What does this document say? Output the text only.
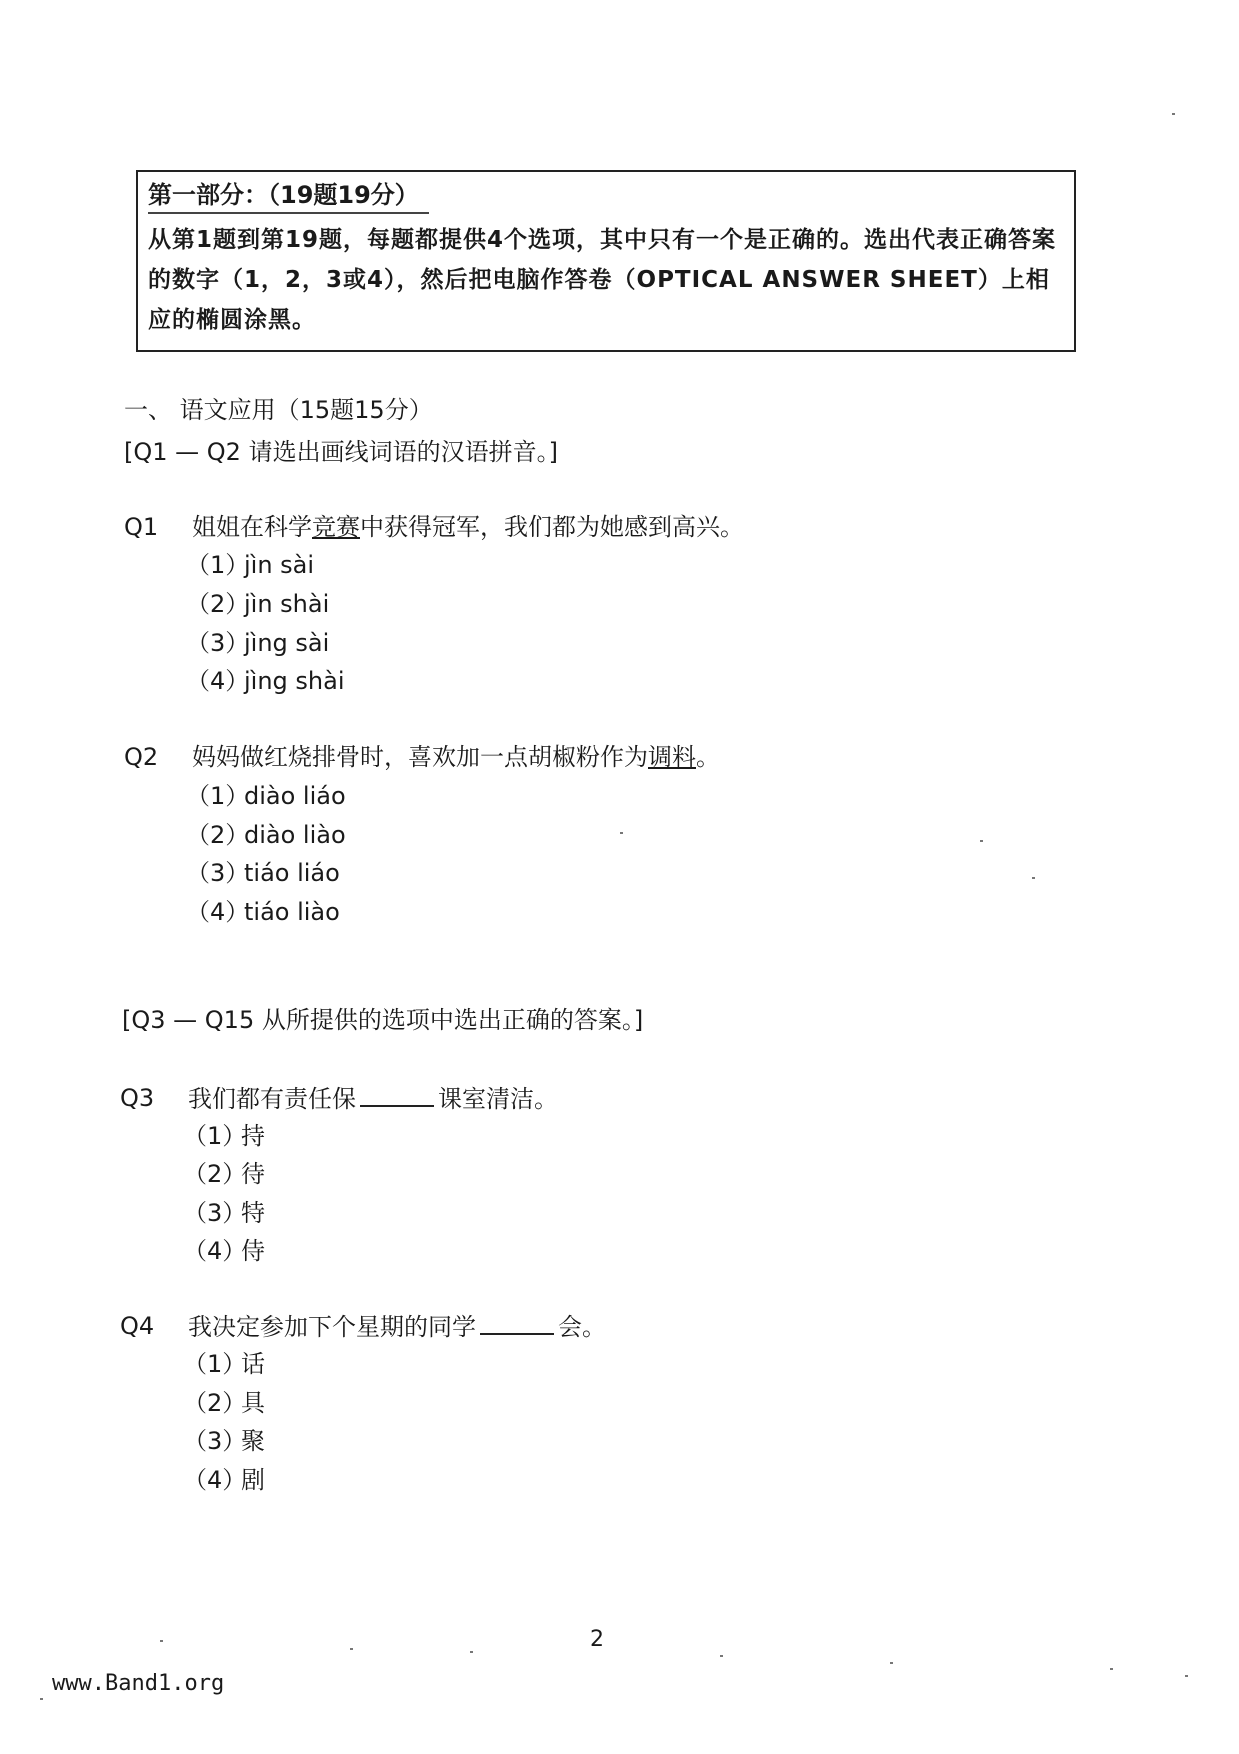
第一部分：（19题19分）
从第1题到第19题，每题都提供4个选项，其中只有一个是正确的。选出代表正确答案的数字（1，2，3或4），然后把电脑作答卷（OPTICAL ANSWER SHEET）上相应的椭圆涂黑。
一、 语文应用（15题15分）
[Q1 — Q2 请选出画线词语的汉语拼音。]
Q1 姐姐在科学竞赛中获得冠军，我们都为她感到高兴。
（1）jìn sài
（2）jìn shài
（3）jìng sài
（4）jìng shài
Q2 妈妈做红烧排骨时，喜欢加一点胡椒粉作为调料。
（1）diào liáo
（2）diào liào
（3）tiáo liáo
（4）tiáo liào
[Q3 — Q15 从所提供的选项中选出正确的答案。]
Q3 我们都有责任保	课室清洁。
（1）持
（2）待
（3）特
（4）侍
Q4 我决定参加下个星期的同学	会。
（1）话
（2）具
（3）聚
（4）剧
2
www.Band1.org
